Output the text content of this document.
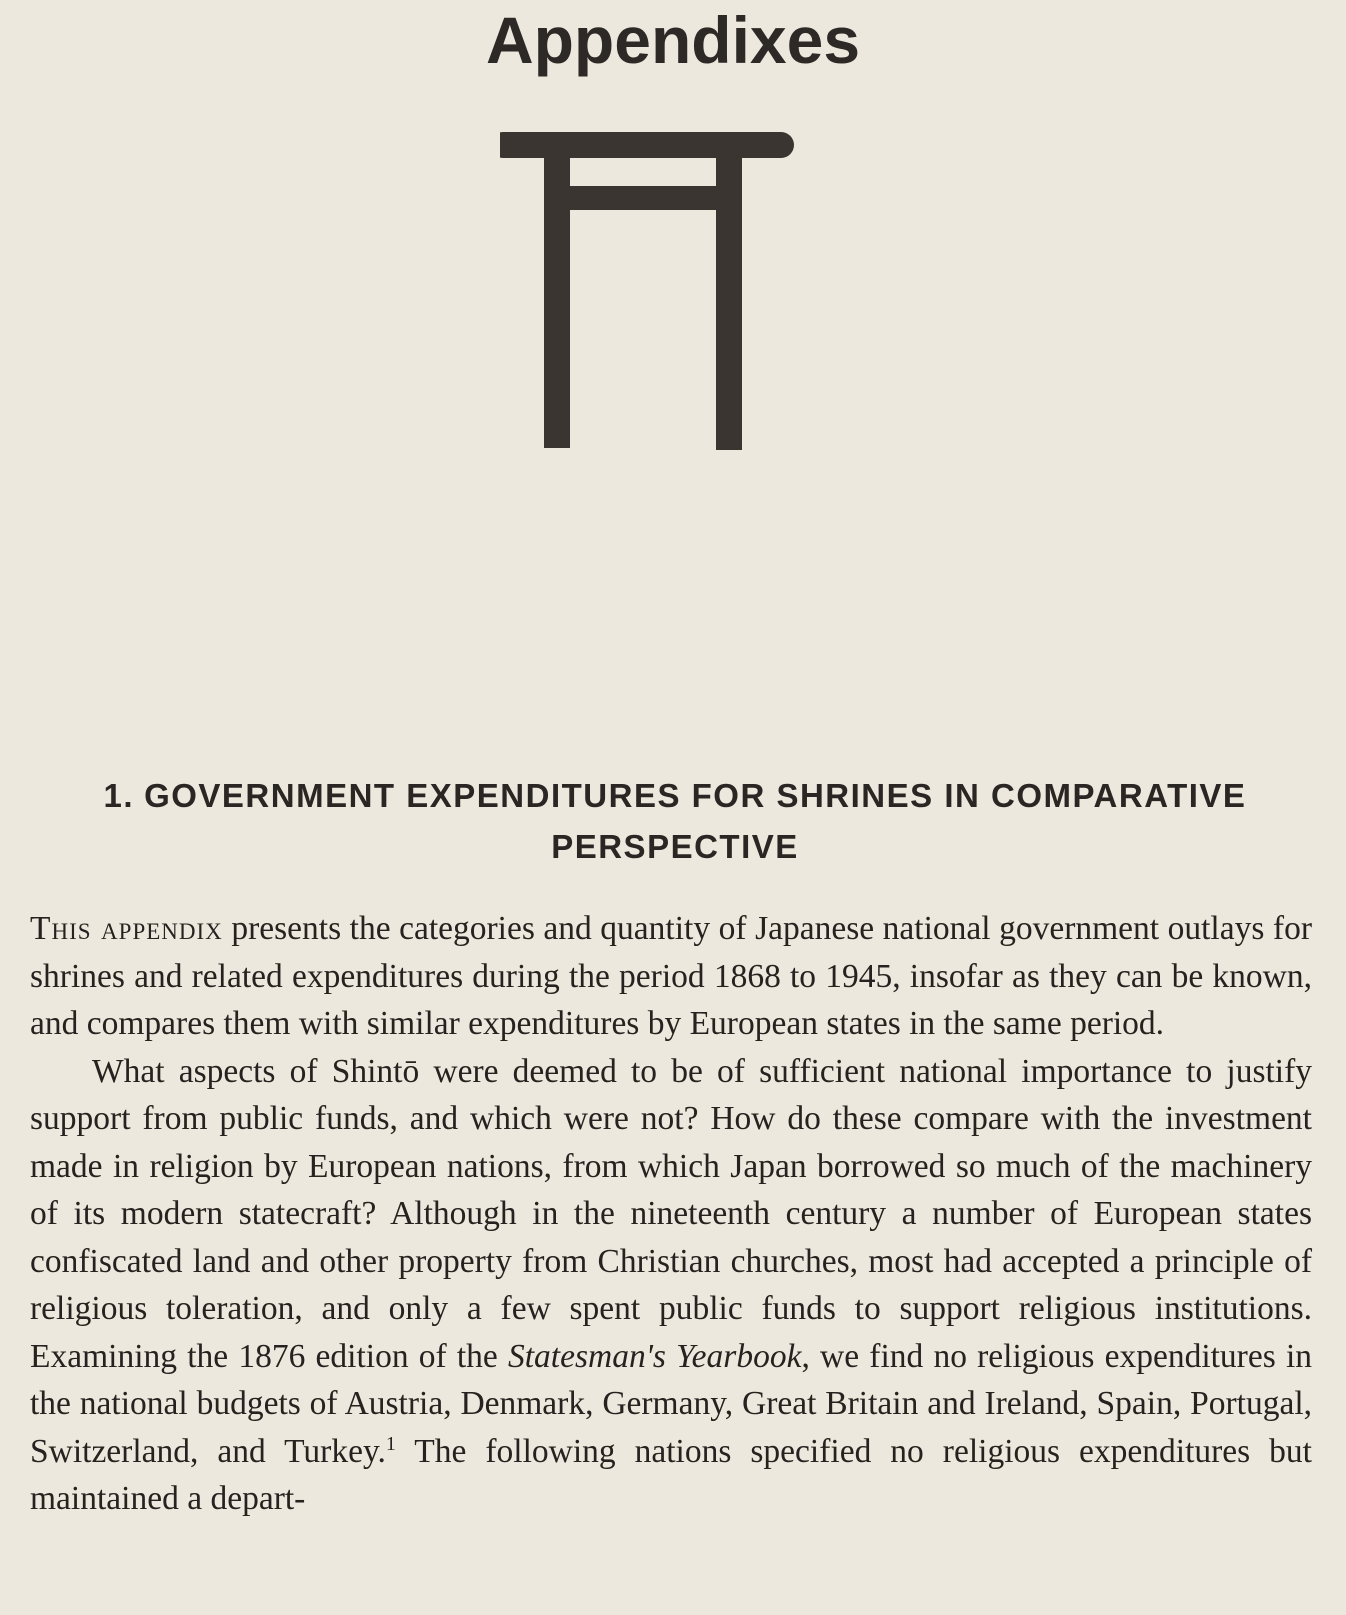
Appendixes
1. GOVERNMENT EXPENDITURES FOR SHRINES IN COMPARATIVE PERSPECTIVE

This appendix presents the categories and quantity of Japanese national government outlays for shrines and related expenditures during the period 1868 to 1945, insofar as they can be known, and compares them with similar expenditures by European states in the same period.

What aspects of Shintō were deemed to be of sufficient national importance to justify support from public funds, and which were not? How do these compare with the investment made in religion by European nations, from which Japan borrowed so much of the machinery of its modern statecraft? Although in the nineteenth century a number of European states confiscated land and other property from Christian churches, most had accepted a principle of religious toleration, and only a few spent public funds to support religious institutions. Examining the 1876 edition of the Statesman's Yearbook, we find no religious expenditures in the national budgets of Austria, Denmark, Germany, Great Britain and Ireland, Spain, Portugal, Switzerland, and Turkey.$^1$ The following nations specified no religious expenditures but maintained a depart-
